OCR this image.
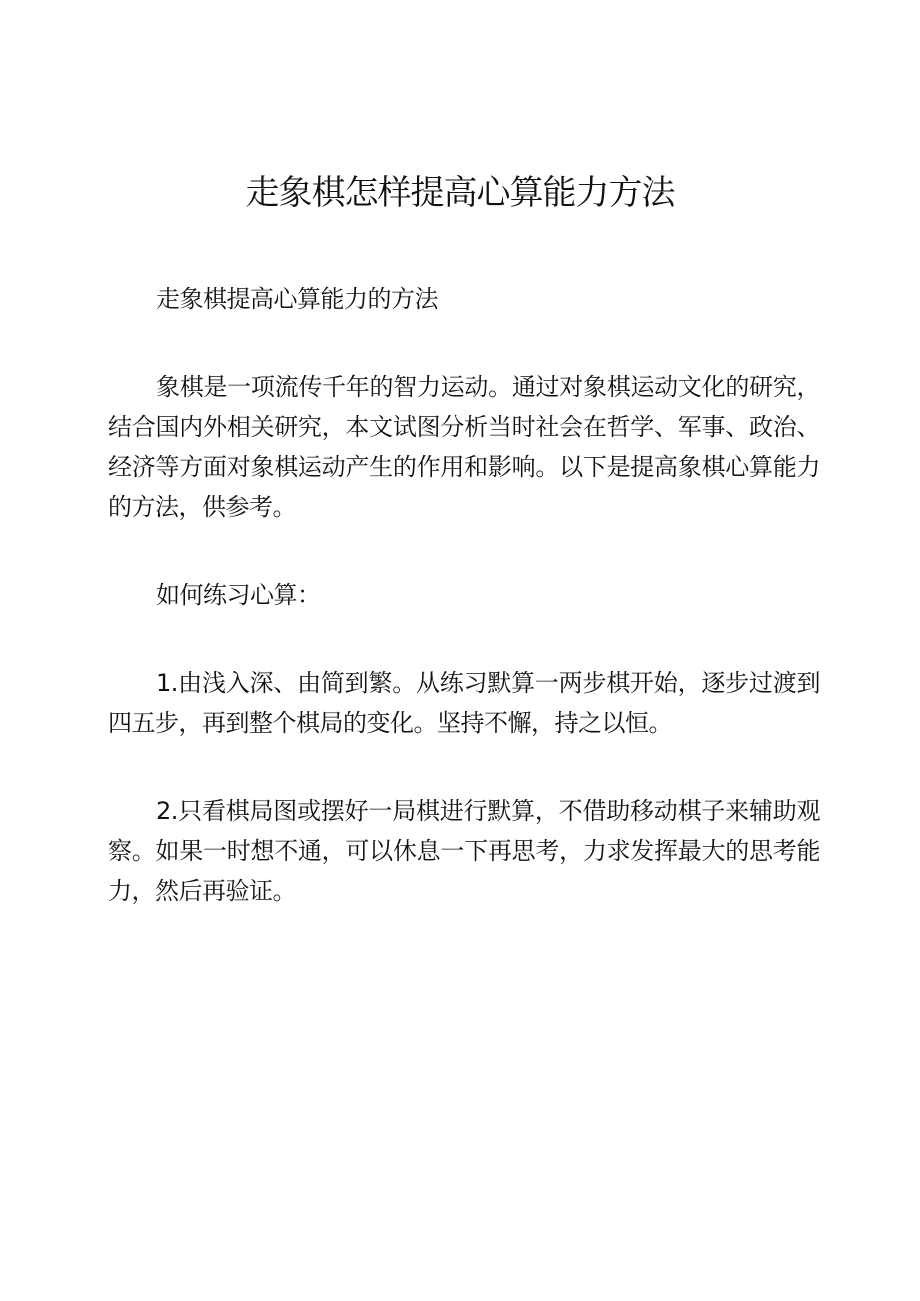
走象棋怎样提高心算能力方法

走象棋提高心算能力的方法

象棋是一项流传千年的智力运动。通过对象棋运动文化的研究，结合国内外相关研究，本文试图分析当时社会在哲学、军事、政治、经济等方面对象棋运动产生的作用和影响。以下是提高象棋心算能力的方法，供参考。

如何练习心算：

1.由浅入深、由简到繁。从练习默算一两步棋开始，逐步过渡到四五步，再到整个棋局的变化。坚持不懈，持之以恒。

2.只看棋局图或摆好一局棋进行默算，不借助移动棋子来辅助观察。如果一时想不通，可以休息一下再思考，力求发挥最大的思考能力，然后再验证。
